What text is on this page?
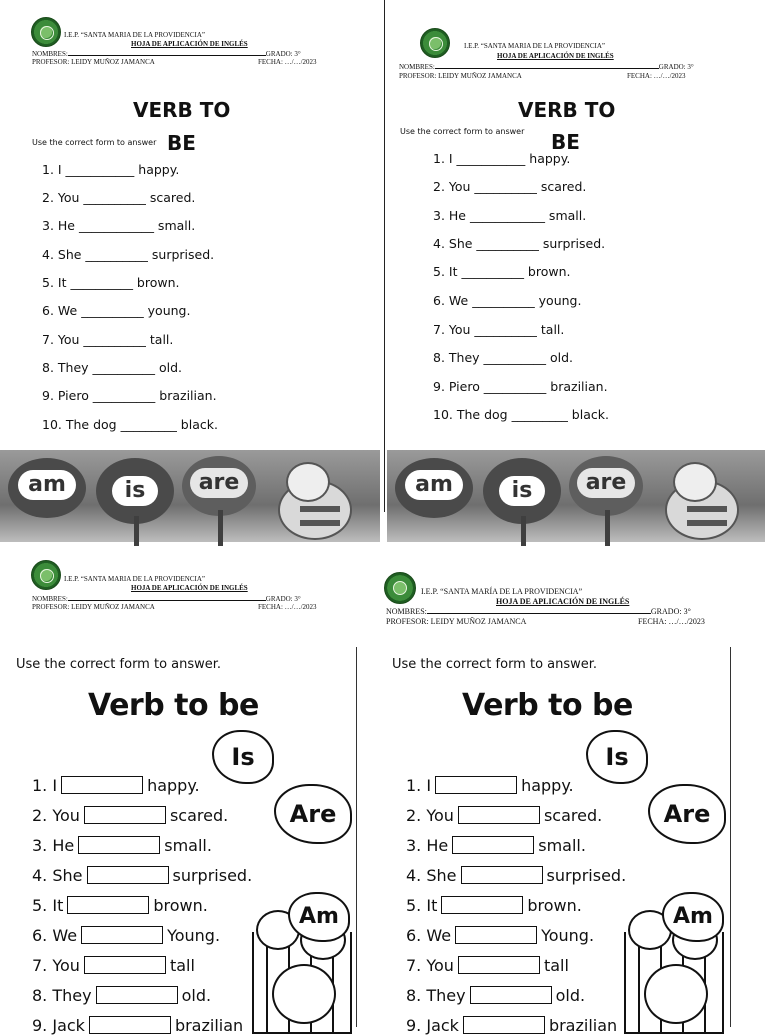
I.E.P. “SANTA MARIA DE LA PROVIDENCIA”
HOJA DE APLICACIÓN DE INGLÉS
NOMBRES:	GRADO: 3°
PROFESOR: LEIDY MUÑOZ JAMANCA	FECHA: …/…/2023
VERB TO
BE
Use the correct form to answer
1. I ___________ happy.
2. You __________ scared.
3. He ____________ small.
4. She __________ surprised.
5. It __________ brown.
6. We __________ young.
7. You __________ tall.
8. They __________ old.
9. Piero __________ brazilian.
10. The dog _________ black.
am	is	are
I.E.P. “SANTA MARIA DE LA PROVIDENCIA”
HOJA DE APLICACIÓN DE INGLÉS
NOMBRES:	GRADO: 3°
PROFESOR: LEIDY MUÑOZ JAMANCA	FECHA: …/…/2023
VERB TO
BE
Use the correct form to answer
1. I ___________ happy.
2. You __________ scared.
3. He ____________ small.
4. She __________ surprised.
5. It __________ brown.
6. We __________ young.
7. You __________ tall.
8. They __________ old.
9. Piero __________ brazilian.
10. The dog _________ black.
am	is	are
I.E.P. “SANTA MARIA DE LA PROVIDENCIA”
HOJA DE APLICACIÓN DE INGLÉS
NOMBRES:	GRADO: 3°
PROFESOR: LEIDY MUÑOZ JAMANCA	FECHA: …/…/2023
Use the correct form to answer.
Verb to be
Is
Are
Am
1. I	happy.
2. You	scared.
3. He	small.
4. She	surprised.
5. It	brown.
6. We	Young.
7. You	tall
8. They	old.
9. Jack	brazilian
I.E.P. “SANTA MARÍA DE LA PROVIDENCIA”
HOJA DE APLICACIÓN DE INGLÉS
NOMBRES:	GRADO: 3°
PROFESOR: LEIDY MUÑOZ JAMANCA	FECHA: …/…/2023
Use the correct form to answer.
Verb to be
Is
Are
Am
1. I	happy.
2. You	scared.
3. He	small.
4. She	surprised.
5. It	brown.
6. We	Young.
7. You	tall
8. They	old.
9. Jack	brazilian
